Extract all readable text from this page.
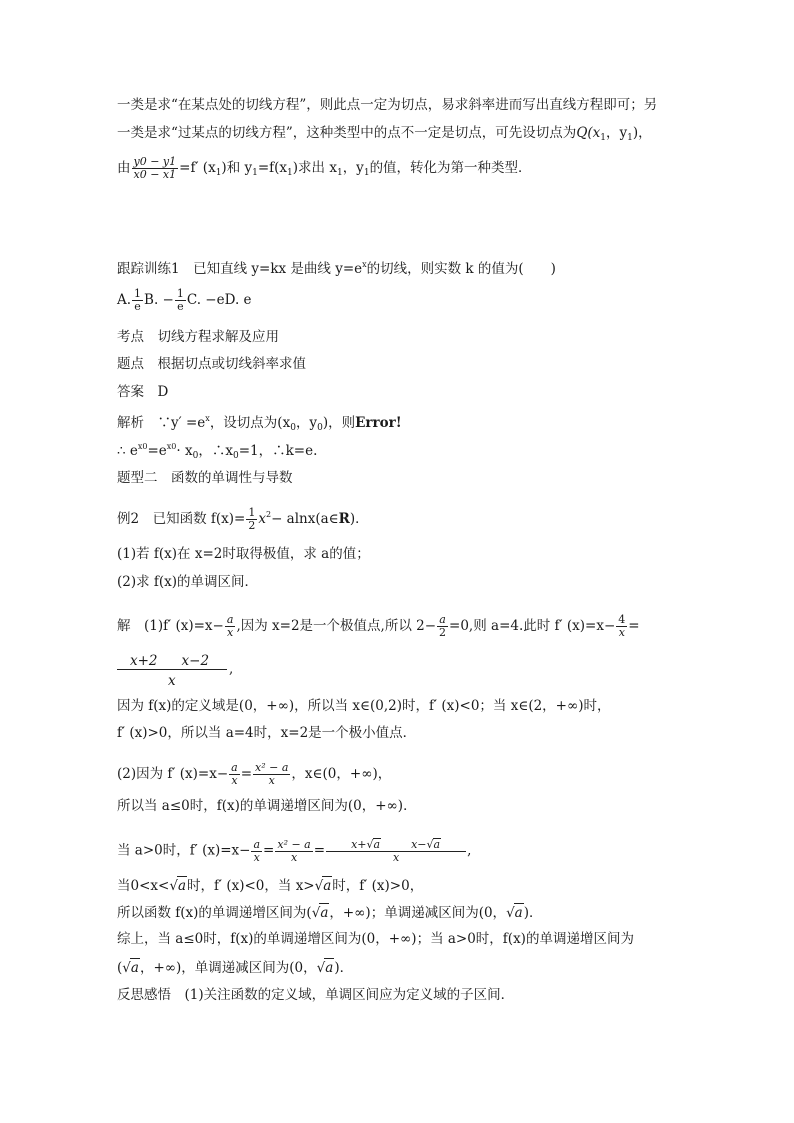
一类是求“在某点处的切线方程”，则此点一定为切点，易求斜率进而写出直线方程即可；另
一类是求“过某点的切线方程”，这种类型中的点不一定是切点，可先设切点为$Q(x_1$，$y_1$)，
由 $\frac{y0 - y1}{x0 - x1} =f'$ $(x_1)$和 $y_1=f(x_1)$求出 $x_1$，$y_1$的值，转化为第一种类型．
跟踪训练1　已知直线 y=kx 是曲线 $y=e^x$的切线，则实数 k 的值为(　　)
A. $\frac{1}{e} B$. − $\frac{1}{e} C$. −eD. e
考点　切线方程求解及应用
题点　根据切点或切线斜率求值
答案　D
解析　∵y′ $=e^x$，设切点为($x_0$，$y_0$)，则Error!
∴ $e^{x0}=e^{x0}\cdot x_0$，$\therefore x_0=1$，∴k=e.
题型二　函数的单调性与导数
例2　已知函数 $f(x)= \frac{1}{2} x^2-$ alnx(a∈R)．
(1)若 f(x)在 x=2时取得极值，求 a的值；
(2)求 f(x)的单调区间．
解　(1)f′ $(x)=x- \frac{a}{x}$ ,因为 x=2是一个极值点,所以 $2- \frac{a}{2} =0$,则 a=4.此时 f′ $(x)=x- \frac{4}{x}$ =
x+2 x−2
x
,
因为 f(x)的定义域是(0，+∞)，所以当 x∈(0,2)时，f′ (x)<0；当 x∈(2，+∞)时，
f′ (x)>0，所以当 a=4时，x=2是一个极小值点．
(2)因为 f′ $(x)=x- \frac{a}{x} = \frac{\text{x² − a}}{x}$ ，x∈(0，+∞)，
所以当 a≤0时，f(x)的单调递增区间为(0，+∞)．
当 a>0时，f′ $(x)=x- \frac{a}{x} = \frac{\text{x² − a}}{x} = x+√a$	x−√a
x ,
当0<x<√a时，f′ (x)<0，当 x>√a时，f′ (x)>0，
所以函数 f(x)的单调递增区间为(√a，+∞)；单调递减区间为(0，√a)．
综上，当 a≤0时，f(x)的单调递增区间为(0，+∞)；当 a>0时，f(x)的单调递增区间为
(√a，+∞)，单调递减区间为(0，√a)．
反思感悟　(1)关注函数的定义域，单调区间应为定义域的子区间．
